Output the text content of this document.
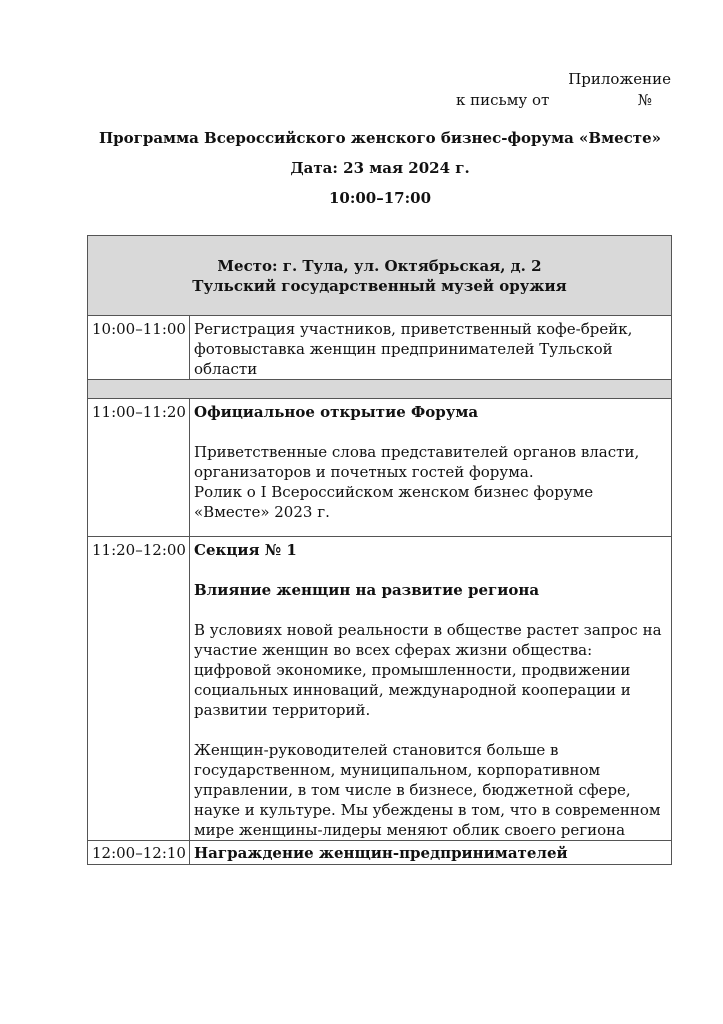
Приложение
к письму от	№
Программа Всероссийского женского бизнес-форума «Вместе»
Дата: 23 мая 2024 г.
10:00–17:00
Место: г. Тула, ул. Октябрьская, д. 2
Тульский государственный музей оружия	

10:00–11:00	Регистрация участников, приветственный кофе-брейк, фотовыставка женщин предпринимателей Тульской области

11:00–11:20	Официальное открытие Форума

Приветственные слова представителей органов власти, организаторов и почетных гостей форума.

Ролик о I Всероссийском женском бизнес форуме «Вместе» 2023 г.

11:20–12:00	Секция № 1

Влияние женщин на развитие региона

В условиях новой реальности в обществе растет запрос на участие женщин во всех сферах жизни общества: цифровой экономике, промышленности, продвижении социальных инноваций, международной кооперации и развитии территорий.

Женщин-руководителей становится больше в государственном, муниципальном, корпоративном управлении, в том числе в бизнесе, бюджетной сфере, науке и культуре. Мы убеждены в том, что в современном мире женщины-лидеры меняют облик своего региона

12:00–12:10	Награждение женщин-предпринимателей
